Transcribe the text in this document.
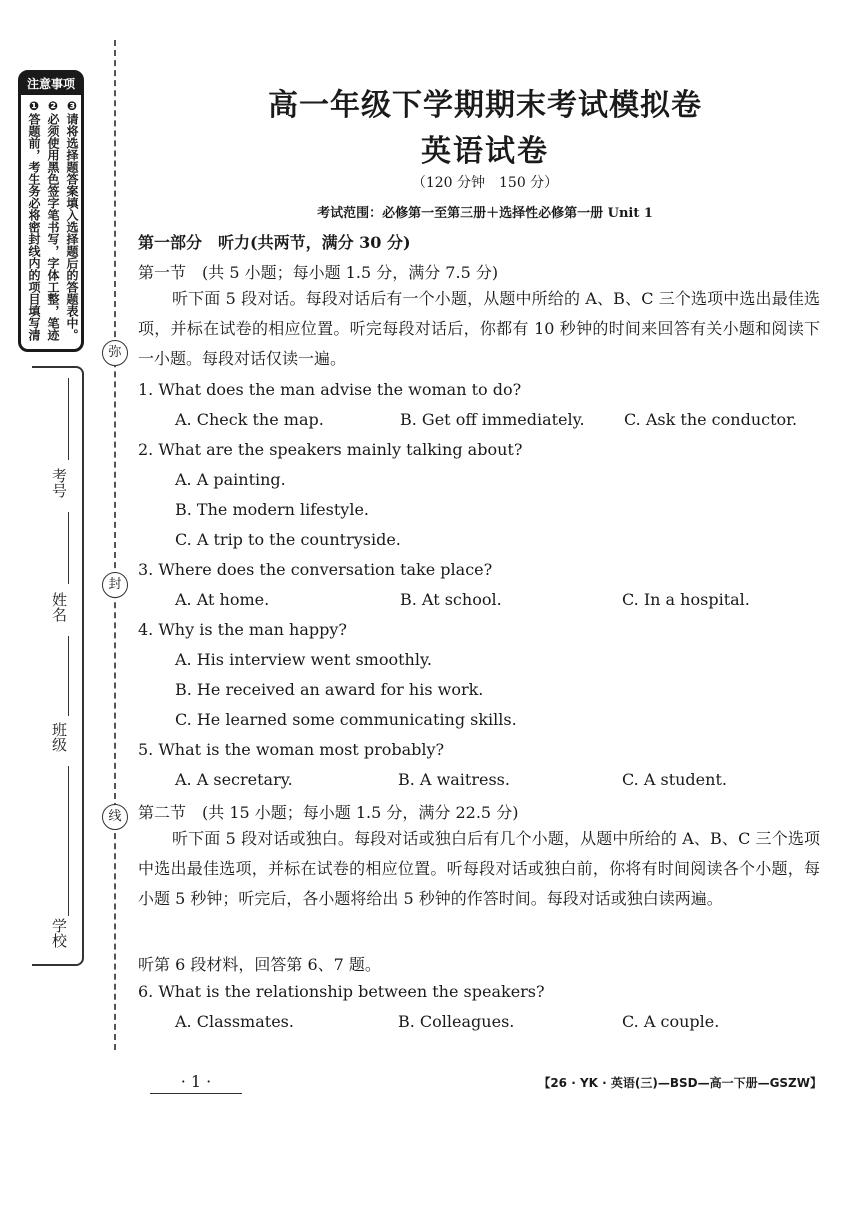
注意事项
❶答题前，考生务必将密封线内的项目填写清
❷必须使用黑色签字笔书写，字体工整，笔迹 ❸请将选择题答案填入选择题后的答题表中。
弥
封
线
考号
姓名
班级
学校
高一年级下学期期末考试模拟卷
英语试卷
（120 分钟　150 分）
考试范围：必修第一至第三册＋选择性必修第一册 Unit 1
第一部分　听力(共两节，满分 30 分)
第一节　(共 5 小题；每小题 1.5 分，满分 7.5 分)
听下面 5 段对话。每段对话后有一个小题，从题中所给的 A、B、C 三个选项中选出最佳选项，并标在试卷的相应位置。听完每段对话后，你都有 10 秒钟的时间来回答有关小题和阅读下一小题。每段对话仅读一遍。
1. What does the man advise the woman to do?
A. Check the map.	B. Get off immediately. C. Ask the conductor.
2. What are the speakers mainly talking about?
A. A painting.
B. The modern lifestyle.
C. A trip to the countryside.
3. Where does the conversation take place?
A. At home.	B. At school.	C. In a hospital.
4. Why is the man happy?
A. His interview went smoothly.
B. He received an award for his work.
C. He learned some communicating skills.
5. What is the woman most probably?
A. A secretary.	B. A waitress.	C. A student.
第二节　(共 15 小题；每小题 1.5 分，满分 22.5 分)
听下面 5 段对话或独白。每段对话或独白后有几个小题，从题中所给的 A、B、C 三个选项中选出最佳选项，并标在试卷的相应位置。听每段对话或独白前，你将有时间阅读各个小题，每小题 5 秒钟；听完后，各小题将给出 5 秒钟的作答时间。每段对话或独白读两遍。
听第 6 段材料，回答第 6、7 题。
6. What is the relationship between the speakers?
A. Classmates.	B. Colleagues.	C. A couple.
· 1 ·	【26 · YK · 英语(三)—BSD—高一下册—GSZW】
